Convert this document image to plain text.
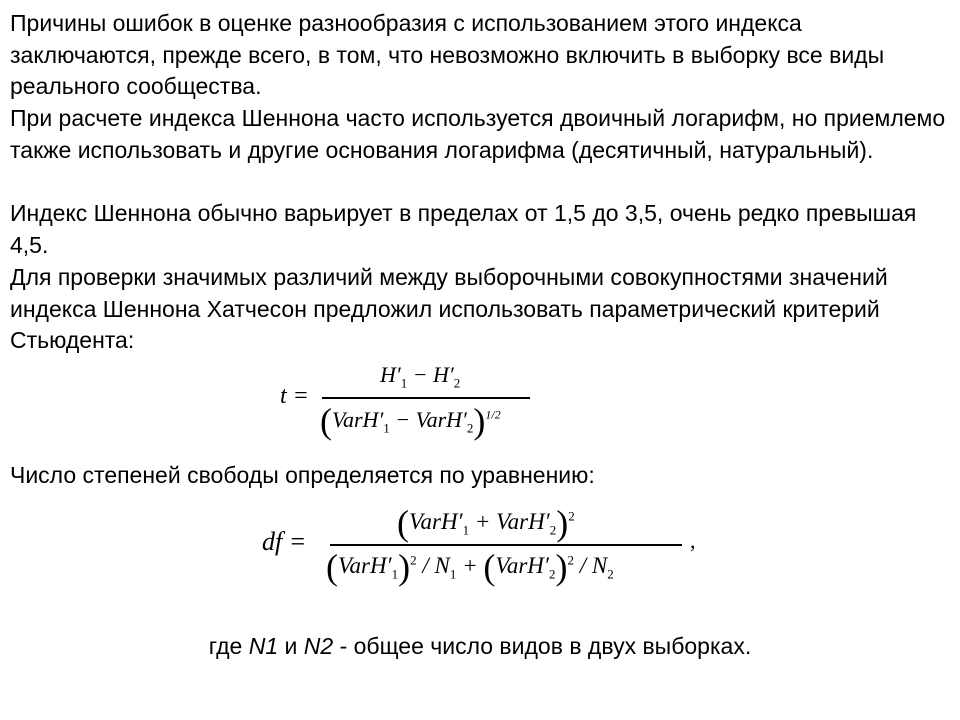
Причины ошибок в оценке разнообразия с использованием этого индекса заключаются, прежде всего, в том, что невозможно включить в выборку все виды реального сообщества.

При расчете индекса Шеннона часто используется двоичный логарифм, но приемлемо также использовать и другие основания логарифма (десятичный, натуральный).

Индекс Шеннона обычно варьирует в пределах от 1,5 до 3,5, очень редко превышая 4,5.

Для проверки значимых различий между выборочными совокупностями значений индекса Шеннона Хатчесон предложил использовать параметрический критерий Стьюдента:

t =
$H'_1 - H'_2$
($VarH'_1$ − $VarH'_2)^{1/2}$

Число степеней свободы определяется по уравнению:

df =	($VarH'_1$ + $VarH'_2)^2$
$(VarH'_1)^2 / N_1$ + $(VarH'_2)^2 / N_2$
,
где N1 и N2 - общее число видов в двух выборках.
